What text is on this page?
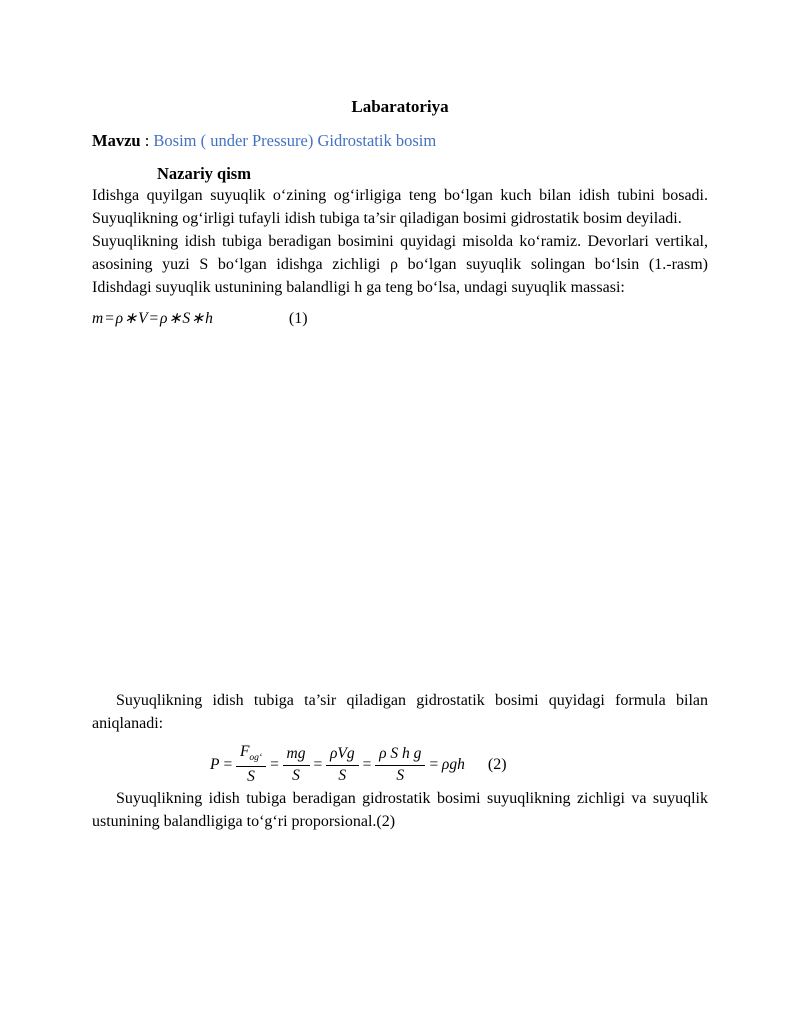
Labaratoriya

Mavzu : Bosim ( under Pressure) Gidrostatik bosim

Nazariy qism

Idishga quyilgan suyuqlik o‘zining og‘irligiga teng bo‘lgan kuch bilan idish tubini bosadi. Suyuqlikning og‘irligi tufayli idish tubiga ta’sir qiladigan bosimi gidrostatik bosim deyiladi.

Suyuqlikning idish tubiga beradigan bosimini quyidagi misolda ko‘ramiz. Devorlari vertikal, asosining yuzi S bo‘lgan idishga zichligi ρ bo‘lgan suyuqlik solingan bo‘lsin (1.-rasm) Idishdagi suyuqlik ustunining balandligi h ga teng bo‘lsa, undagi suyuqlik massasi:

m=ρ∗V=ρ∗S∗h	(1)

Suyuqlikning idish tubiga ta’sir qiladigan gidrostatik bosimi quyidagi formula bilan aniqlanadi:

$P = \frac{F_{og‘}}{S} = \frac{mg}{S} = \frac{\text{ρVg}}{S} = \frac{\text{ρ S h g}}{S} = \rho gh$ (2)

Suyuqlikning idish tubiga beradigan gidrostatik bosimi suyuqlikning zichligi va suyuqlik ustunining balandligiga to‘g‘ri proporsional.(2)
